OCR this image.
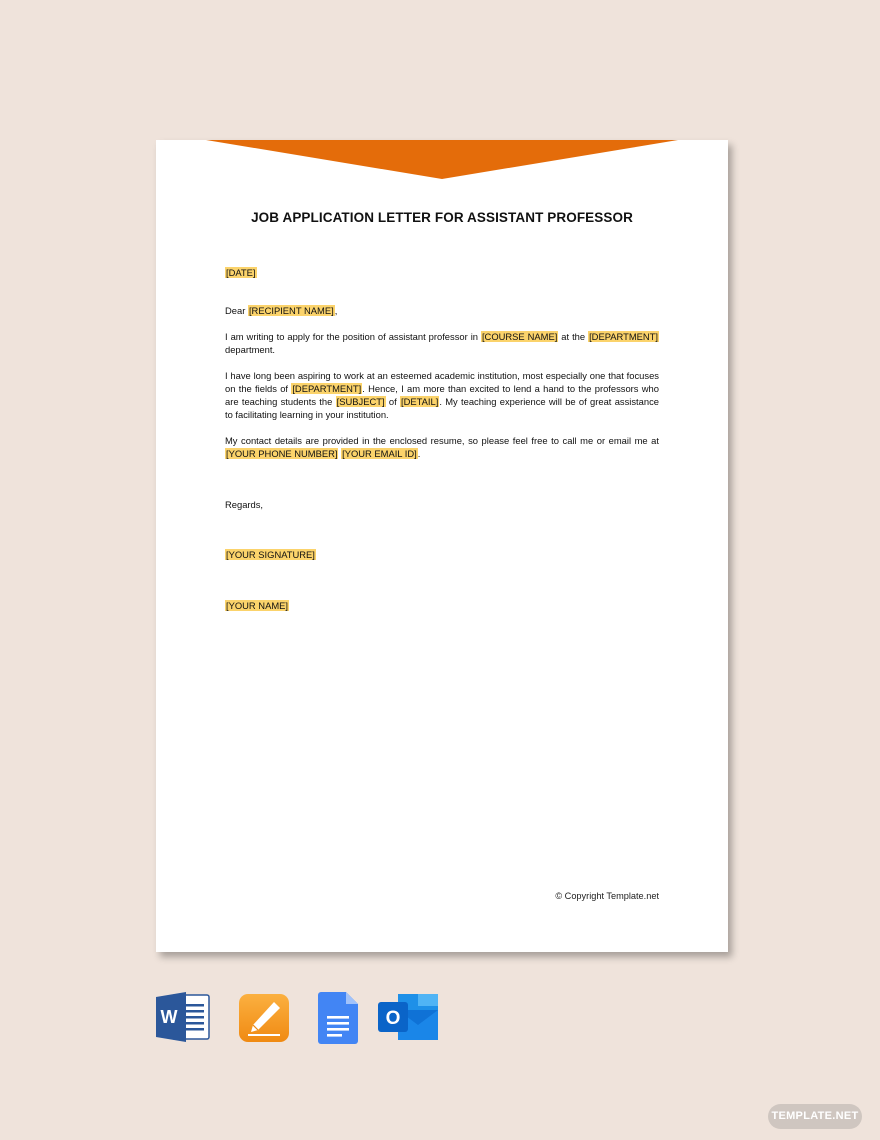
JOB APPLICATION LETTER FOR ASSISTANT PROFESSOR
[DATE]
Dear [RECIPIENT NAME],
I am writing to apply for the position of assistant professor in [COURSE NAME] at the [DEPARTMENT] department.
I have long been aspiring to work at an esteemed academic institution, most especially one that focuses on the fields of [DEPARTMENT]. Hence, I am more than excited to lend a hand to the professors who are teaching students the [SUBJECT] of [DETAIL]. My teaching experience will be of great assistance to facilitating learning in your institution.
My contact details are provided in the enclosed resume, so please feel free to call me or email me at [YOUR PHONE NUMBER] [YOUR EMAIL ID].
Regards,
[YOUR SIGNATURE]
[YOUR NAME]
© Copyright Template.net
W	O
TEMPLATE.NET
